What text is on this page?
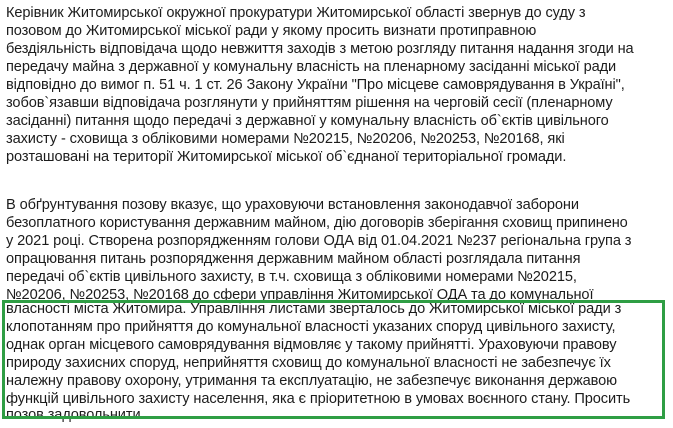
Керівник Житомирської окружної прокуратури Житомирської області звернув до суду з

позовом до Житомирської міської ради у якому просить визнати протиправною

бездіяльність відповідача щодо невжиття заходів з метою розгляду питання надання згоди на

передачу майна з державної у комунальну власність на пленарному засіданні міської ради

відповідно до вимог п. 51 ч. 1 ст. 26 Закону України "Про місцеве самоврядування в Україні",

зобов`язавши відповідача розглянути у прийняттям рішення на черговій сесії (пленарному

засіданні) питання щодо передачі з державної у комунальну власність об`єктів цивільного

захисту - сховища з обліковими номерами №20215, №20206, №20253, №20168, які

розташовані на території Житомирської міської об`єднаної територіальної громади.

В обґрунтування позову вказує, що ураховуючи встановлення законодавчої заборони

безоплатного користування державним майном, дію договорів зберігання сховищ припинено

у 2021 році. Створена розпорядженням голови ОДА від 01.04.2021 №237 регіональна група з

опрацювання питань розпорядження державним майном області розглядала питання

передачі об`єктів цивільного захисту, в т.ч. сховища з обліковими номерами №20215,

№20206, №20253, №20168 до сфери управління Житомирської ОДА та до комунальної

власності міста Житомира. Управління листами зверталось до Житомирської міської ради з

клопотанням про прийняття до комунальної власності указаних споруд цивільного захисту,

однак орган місцевого самоврядування відмовляє у такому прийнятті. Ураховуючи правову

природу захисних споруд, неприйняття сховищ до комунальної власності не забезпечує їх

належну правову охорону, утримання та експлуатацію, не забезпечує виконання державою

функцій цивільного захисту населення, яка є пріоритетною в умовах воєнного стану. Просить

позов задовольнити.
